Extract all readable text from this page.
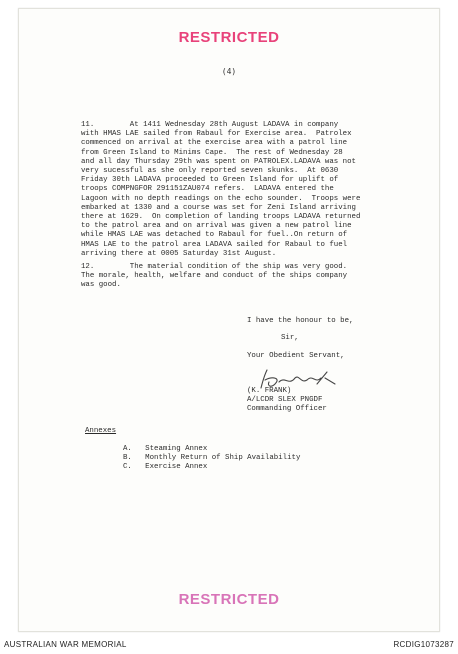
RESTRICTED
(4)
11.        At 1411 Wednesday 28th August LADAVA in company
with HMAS LAE sailed from Rabaul for Exercise area.  Patrolex
commenced on arrival at the exercise area with a patrol line
from Green Island to Minims Cape.  The rest of Wednesday 28
and all day Thursday 29th was spent on PATROLEX.LADAVA was not
very sucessful as she only reported seven skunks.  At 0630
Friday 30th LADAVA proceeded to Green Island for uplift of
troops COMPNGFOR 291151ZAU074 refers.  LADAVA entered the
Lagoon with no depth readings on the echo sounder.  Troops were
embarked at 1330 and a course was set for Zeni Island arriving
there at 1629.  On completion of landing troops LADAVA returned
to the patrol area and on arrival was given a new patrol line
while HMAS LAE was detached to Rabaul for fuel..On return of
HMAS LAE to the patrol area LADAVA sailed for Rabaul to fuel
arriving there at 0005 Saturday 31st August.
12.        The material condition of the ship was very good.
The morale, health, welfare and conduct of the ships company
was good.
I have the honour to be,
Sir,
Your Obedient Servant,
(K. FRANK)
A/LCDR SLEX PNGDF
Commanding Officer
Annexes
A.   Steaming Annex
B.   Monthly Return of Ship Availability
C.   Exercise Annex
RESTRICTED
AUSTRALIAN WAR MEMORIAL	RCDIG1073287
